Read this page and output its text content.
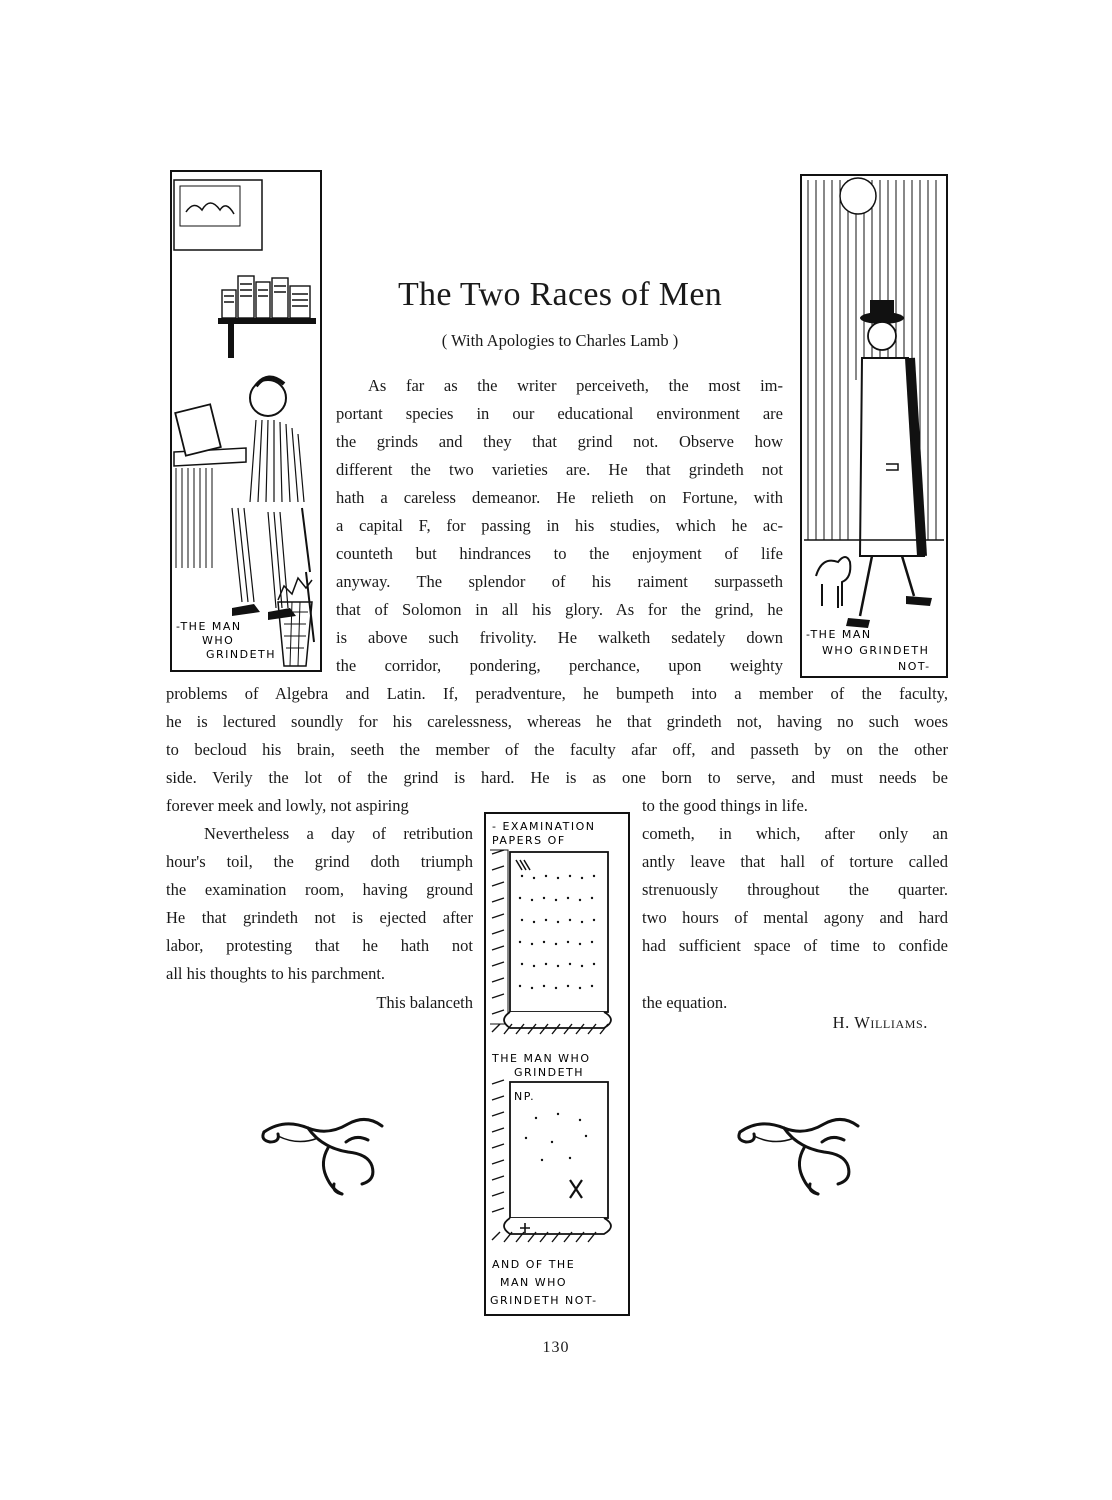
The Two Races of Men
( With Apologies to Charles Lamb )
-THE MAN
WHO
GRINDETH
-THE MAN
WHO GRINDETH
NOT-
- EXAMINATION
PAPERS OF
THE MAN WHO
GRINDETH
NP.
AND OF THE
MAN WHO
GRINDETH NOT-
As far as the writer perceiveth, the most im-
portant species in our educational environment are
the grinds and they that grind not. Observe how
different the two varieties are. He that grindeth not
hath a careless demeanor. He relieth on Fortune, with
a capital F, for passing in his studies, which he ac-
counteth but hindrances to the enjoyment of life
anyway. The splendor of his raiment surpasseth
that of Solomon in all his glory. As for the grind, he
is above such frivolity. He walketh sedately down
the corridor, pondering, perchance, upon weighty
problems of Algebra and Latin. If, peradventure, he bumpeth into a member of the faculty,
he is lectured soundly for his carelessness, whereas he that grindeth not, having no such woes
to becloud his brain, seeth the member of the faculty afar off, and passeth by on the other
side. Verily the lot of the grind is hard. He is as one born to serve, and must needs be
forever meek and lowly, not aspiring
Nevertheless a day of retribution
hour's toil, the grind doth triumph
the examination room, having ground
He that grindeth not is ejected after
labor, protesting that he hath not
all his thoughts to his parchment.
This balanceth
to the good things in life.
cometh, in which, after only an
antly leave that hall of torture called
strenuously throughout the quarter.
two hours of mental agony and hard
had sufficient space of time to confide
the equation.
H. Williams.
130
